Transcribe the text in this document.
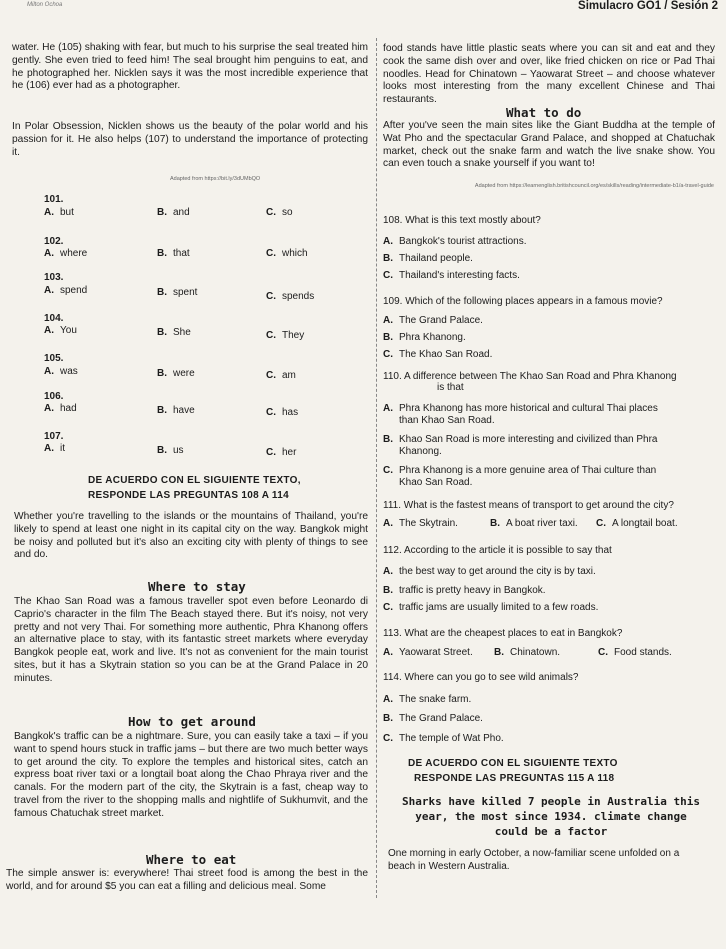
Milton Ochoa	Simulacro GO1 / Sesión 2
water. He (105) shaking with fear, but much to his surprise the seal treated him gently. She even tried to feed him! The seal brought him penguins to eat, and he photographed her. Nicklen says it was the most incredible experience that he (106) ever had as a photographer.
In Polar Obsession, Nicklen shows us the beauty of the polar world and his passion for it. He also helps (107) to understand the importance of protecting it.
Adapted from https://bit.ly/3dUMbQO
101.
A. but	B. and	C. so
102.
A. where	B. that	C. which
103.
A. spend	B. spent	C. spends
104.
A. You	B. She	C. They
105.
A. was	B. were	C. am
106.
A. had	B. have	C. has
107.
A. it	B. us	C. her
DE ACUERDO CON EL SIGUIENTE TEXTO,
RESPONDE LAS PREGUNTAS 108 A 114
Whether you're travelling to the islands or the mountains of Thailand, you're likely to spend at least one night in its capital city on the way. Bangkok might be noisy and polluted but it's also an exciting city with plenty of things to see and do.
Where to stay
The Khao San Road was a famous traveller spot even before Leonardo di Caprio's character in the film The Beach stayed there. But it's noisy, not very pretty and not very Thai. For something more authentic, Phra Khanong offers an alternative place to stay, with its fantastic street markets where everyday Bangkok people eat, work and live. It's not as convenient for the main tourist sites, but it has a Skytrain station so you can be at the Grand Palace in 20 minutes.
How to get around
Bangkok's traffic can be a nightmare. Sure, you can easily take a taxi – if you want to spend hours stuck in traffic jams – but there are two much better ways to get around the city. To explore the temples and historical sites, catch an express boat river taxi or a longtail boat along the Chao Phraya river and the canals. For the modern part of the city, the Skytrain is a fast, cheap way to travel from the river to the shopping malls and nightlife of Sukhumvit, and the famous Chatuchak street market.
Where to eat
The simple answer is: everywhere! Thai street food is among the best in the world, and for around $5 you can eat a filling and delicious meal. Some
food stands have little plastic seats where you can sit and eat and they cook the same dish over and over, like fried chicken on rice or Pad Thai noodles. Head for Chinatown – Yaowarat Street – and choose whatever looks most interesting from the many excellent Chinese and Thai restaurants.
What to do
After you've seen the main sites like the Giant Buddha at the temple of Wat Pho and the spectacular Grand Palace, and shopped at Chatuchak market, check out the snake farm and watch the live snake show. You can even touch a snake yourself if you want to!
Adapted from https://learnenglish.britishcouncil.org/es/skills/reading/intermediate-b1/a-travel-guide
108. What is this text mostly about?
A. Bangkok's tourist attractions.
B. Thailand people.
C. Thailand's interesting facts.
109. Which of the following places appears in a famous movie?
A. The Grand Palace.
B. Phra Khanong.
C. The Khao San Road.
110. A difference between The Khao San Road and Phra Khanong
is that
A. Phra Khanong has more historical and cultural Thai places
than Khao San Road.
B. Khao San Road is more interesting and civilized than Phra
Khanong.
C. Phra Khanong is a more genuine area of Thai culture than
Khao San Road.
111. What is the fastest means of transport to get around the city?
A. The Skytrain.	B. A boat river taxi. C. A longtail boat.
112. According to the article it is possible to say that
A. the best way to get around the city is by taxi.
B. traffic is pretty heavy in Bangkok.
C. traffic jams are usually limited to a few roads.
113. What are the cheapest places to eat in Bangkok?
A. Yaowarat Street. B. Chinatown.	C. Food stands.
114. Where can you go to see wild animals?
A. The snake farm.
B. The Grand Palace.
C. The temple of Wat Pho.
DE ACUERDO CON EL SIGUIENTE TEXTO
RESPONDE LAS PREGUNTAS 115 A 118
Sharks have killed 7 people in Australia this
year, the most since 1934. climate change
could be a factor
One morning in early October, a now-familiar scene unfolded on a beach in Western Australia.
